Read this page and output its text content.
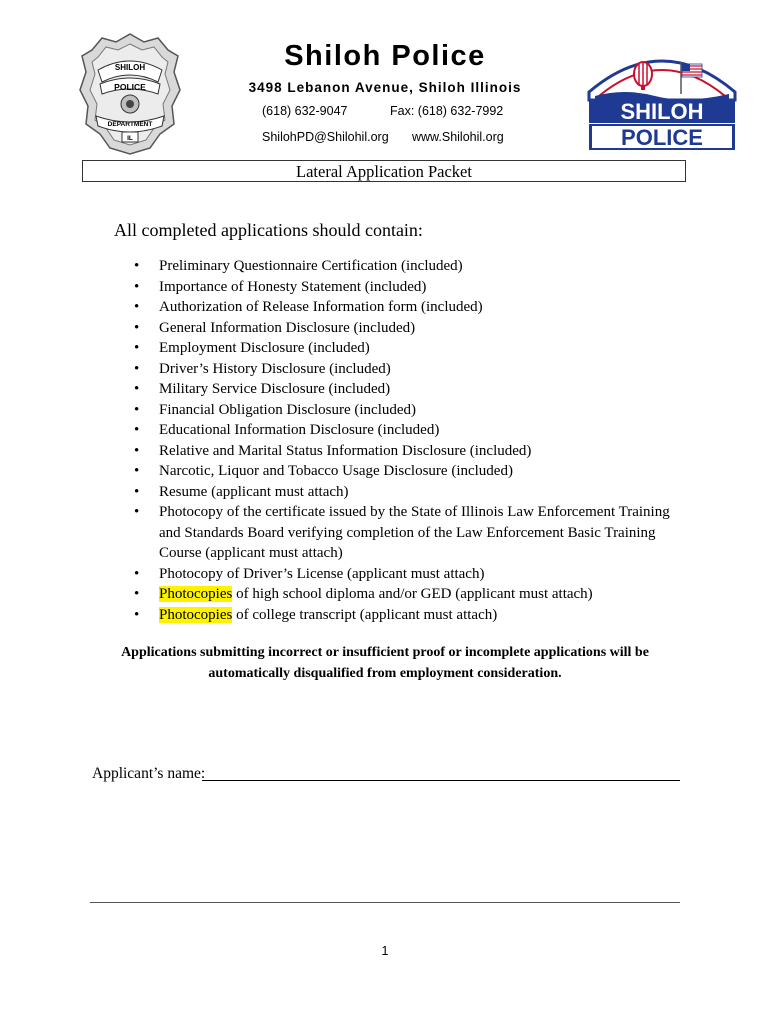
SHILOH
POLICE
DEPARTMENT
IL
Shiloh Police
3498 Lebanon Avenue, Shiloh Illinois
(618) 632-9047	Fax: (618) 632-7992
ShilohPD@Shilohil.org www.Shilohil.org
SHILOH
POLICE
Lateral Application Packet
All completed applications should contain:
• Preliminary Questionnaire Certification (included)
• Importance of Honesty Statement (included)
• Authorization of Release Information form (included)
• General Information Disclosure (included)
• Employment Disclosure (included)
• Driver’s History Disclosure (included)
• Military Service Disclosure (included)
• Financial Obligation Disclosure (included)
• Educational Information Disclosure (included)
• Relative and Marital Status Information Disclosure (included)
• Narcotic, Liquor and Tobacco Usage Disclosure (included)
• Resume (applicant must attach)
• Photocopy of the certificate issued by the State of Illinois Law Enforcement Training and Standards Board verifying completion of the Law Enforcement Basic Training Course (applicant must attach)
• Photocopy of Driver’s License (applicant must attach)
• Photocopies of high school diploma and/or GED (applicant must attach)
• Photocopies of college transcript (applicant must attach)
Applications submitting incorrect or insufficient proof or incomplete applications will be automatically disqualified from employment consideration.
Applicant’s name:
1
